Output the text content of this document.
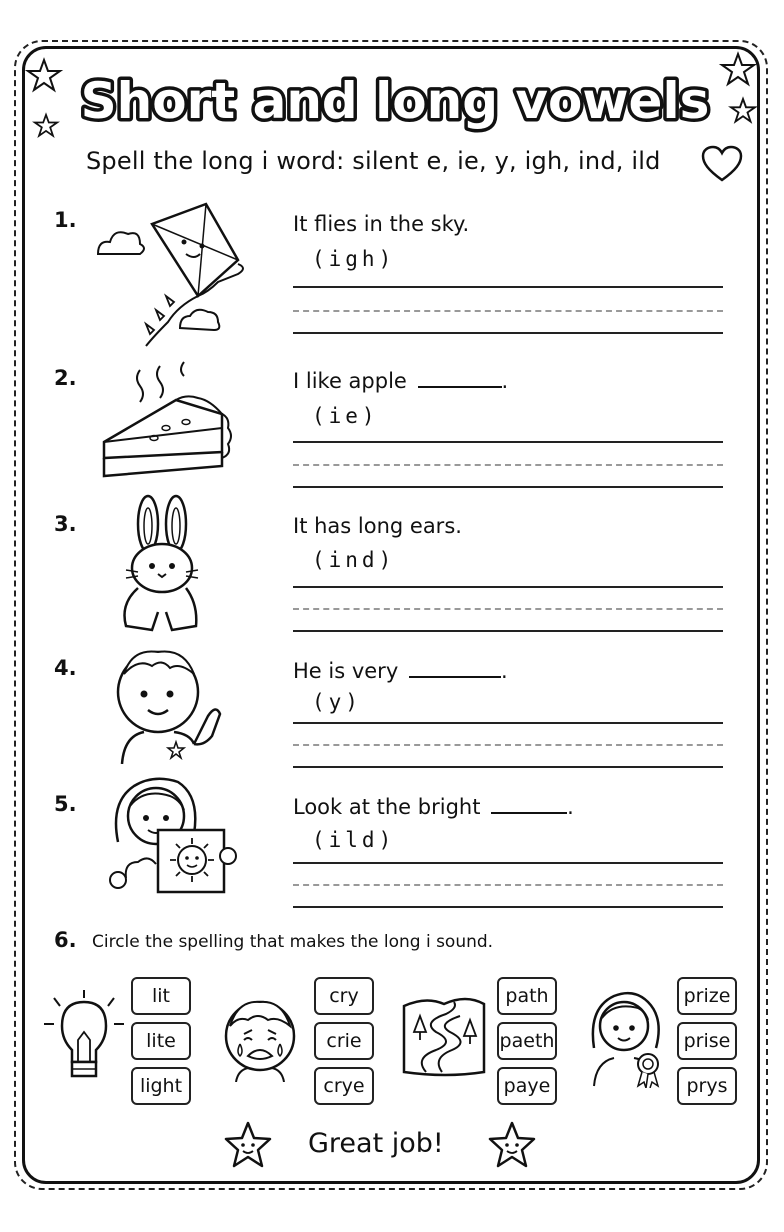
Short and long vowels
Spell the long i word: silent e, ie, y, igh, ind, ild
1.	It flies in the sky.
(igh)
2.	I like apple	.
(ie)
3.	It has long ears.
(ind)
4.	He is very	.
(y)
5.	Look at the bright	.
(ild)
6. Circle the spelling that makes the long i sound.
lit
lite
light
cry
crie
crye
path
paeth
paye
prize
prise
prys
Great job!
